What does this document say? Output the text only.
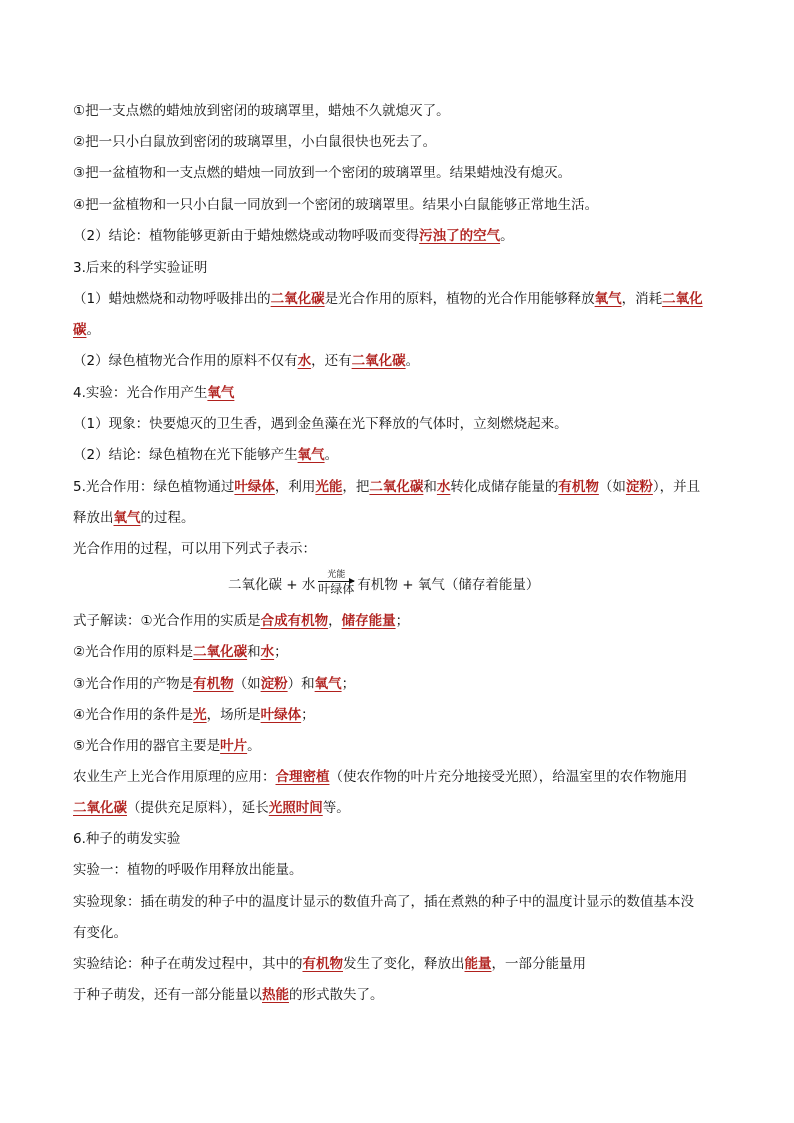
①把一支点燃的蜡烛放到密闭的玻璃罩里，蜡烛不久就熄灭了。
②把一只小白鼠放到密闭的玻璃罩里，小白鼠很快也死去了。
③把一盆植物和一支点燃的蜡烛一同放到一个密闭的玻璃罩里。结果蜡烛没有熄灭。
④把一盆植物和一只小白鼠一同放到一个密闭的玻璃罩里。结果小白鼠能够正常地生活。
（2）结论：植物能够更新由于蜡烛燃烧或动物呼吸而变得污浊了的空气。
3.后来的科学实验证明
（1）蜡烛燃烧和动物呼吸排出的二氧化碳是光合作用的原料，植物的光合作用能够释放氧气，消耗二氧化
碳。
（2）绿色植物光合作用的原料不仅有水，还有二氧化碳。
4.实验：光合作用产生氧气
（1）现象：快要熄灭的卫生香，遇到金鱼藻在光下释放的气体时，立刻燃烧起来。
（2）结论：绿色植物在光下能够产生氧气。
5.光合作用：绿色植物通过叶绿体，利用光能，把二氧化碳和水转化成储存能量的有机物（如淀粉），并且
释放出氧气的过程。
光合作用的过程，可以用下列式子表示：
二氧化碳 + 水
光能
叶绿体 有机物 + 氧气（储存着能量）
式子解读：①光合作用的实质是合成有机物，储存能量；
②光合作用的原料是二氧化碳和水；
③光合作用的产物是有机物（如淀粉）和氧气；
④光合作用的条件是光，场所是叶绿体；
⑤光合作用的器官主要是叶片。
农业生产上光合作用原理的应用：合理密植（使农作物的叶片充分地接受光照），给温室里的农作物施用
二氧化碳（提供充足原料），延长光照时间等。
6.种子的萌发实验
实验一：植物的呼吸作用释放出能量。
实验现象：插在萌发的种子中的温度计显示的数值升高了，插在煮熟的种子中的温度计显示的数值基本没
有变化。
实验结论：种子在萌发过程中，其中的有机物发生了变化，释放出能量，一部分能量用
于种子萌发，还有一部分能量以热能的形式散失了。
